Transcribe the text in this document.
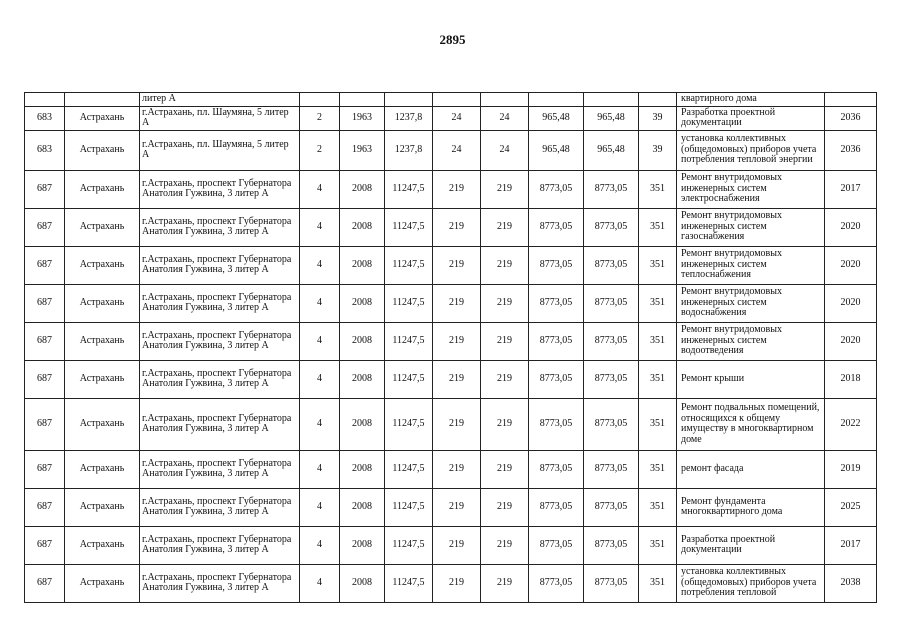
2895
		литер А									квартирного дома	
683	Астрахань	г.Астрахань, пл. Шаумяна, 5 литер А	2	1963	1237,8	24	24	965,48	965,48	39	Разработка проектной документации	2036
683	Астрахань	г.Астрахань, пл. Шаумяна, 5 литер А	2	1963	1237,8	24	24	965,48	965,48	39	установка коллективных (общедомовых) приборов учета потребления тепловой энергии	2036
687	Астрахань	г.Астрахань, проспект Губернатора Анатолия Гужвина, 3 литер А	4	2008	11247,5	219	219	8773,05	8773,05	351	Ремонт внутридомовых инженерных систем электроснабжения	2017
687	Астрахань	г.Астрахань, проспект Губернатора Анатолия Гужвина, 3 литер А	4	2008	11247,5	219	219	8773,05	8773,05	351	Ремонт внутридомовых инженерных систем газоснабжения	2020
687	Астрахань	г.Астрахань, проспект Губернатора Анатолия Гужвина, 3 литер А	4	2008	11247,5	219	219	8773,05	8773,05	351	Ремонт внутридомовых инженерных систем теплоснабжения	2020
687	Астрахань	г.Астрахань, проспект Губернатора Анатолия Гужвина, 3 литер А	4	2008	11247,5	219	219	8773,05	8773,05	351	Ремонт внутридомовых инженерных систем водоснабжения	2020
687	Астрахань	г.Астрахань, проспект Губернатора Анатолия Гужвина, 3 литер А	4	2008	11247,5	219	219	8773,05	8773,05	351	Ремонт внутридомовых инженерных систем водоотведения	2020
687	Астрахань	г.Астрахань, проспект Губернатора Анатолия Гужвина, 3 литер А	4	2008	11247,5	219	219	8773,05	8773,05	351	Ремонт крыши	2018
687	Астрахань	г.Астрахань, проспект Губернатора Анатолия Гужвина, 3 литер А	4	2008	11247,5	219	219	8773,05	8773,05	351	Ремонт подвальных помещений, относящихся к общему имуществу в многоквартирном доме	2022
687	Астрахань	г.Астрахань, проспект Губернатора Анатолия Гужвина, 3 литер А	4	2008	11247,5	219	219	8773,05	8773,05	351	ремонт фасада	2019
687	Астрахань	г.Астрахань, проспект Губернатора Анатолия Гужвина, 3 литер А	4	2008	11247,5	219	219	8773,05	8773,05	351	Ремонт фундамента многоквартирного дома	2025
687	Астрахань	г.Астрахань, проспект Губернатора Анатолия Гужвина, 3 литер А	4	2008	11247,5	219	219	8773,05	8773,05	351	Разработка проектной документации	2017
687	Астрахань	г.Астрахань, проспект Губернатора Анатолия Гужвина, 3 литер А	4	2008	11247,5	219	219	8773,05	8773,05	351	установка коллективных (общедомовых) приборов учета потребления тепловой	2038
